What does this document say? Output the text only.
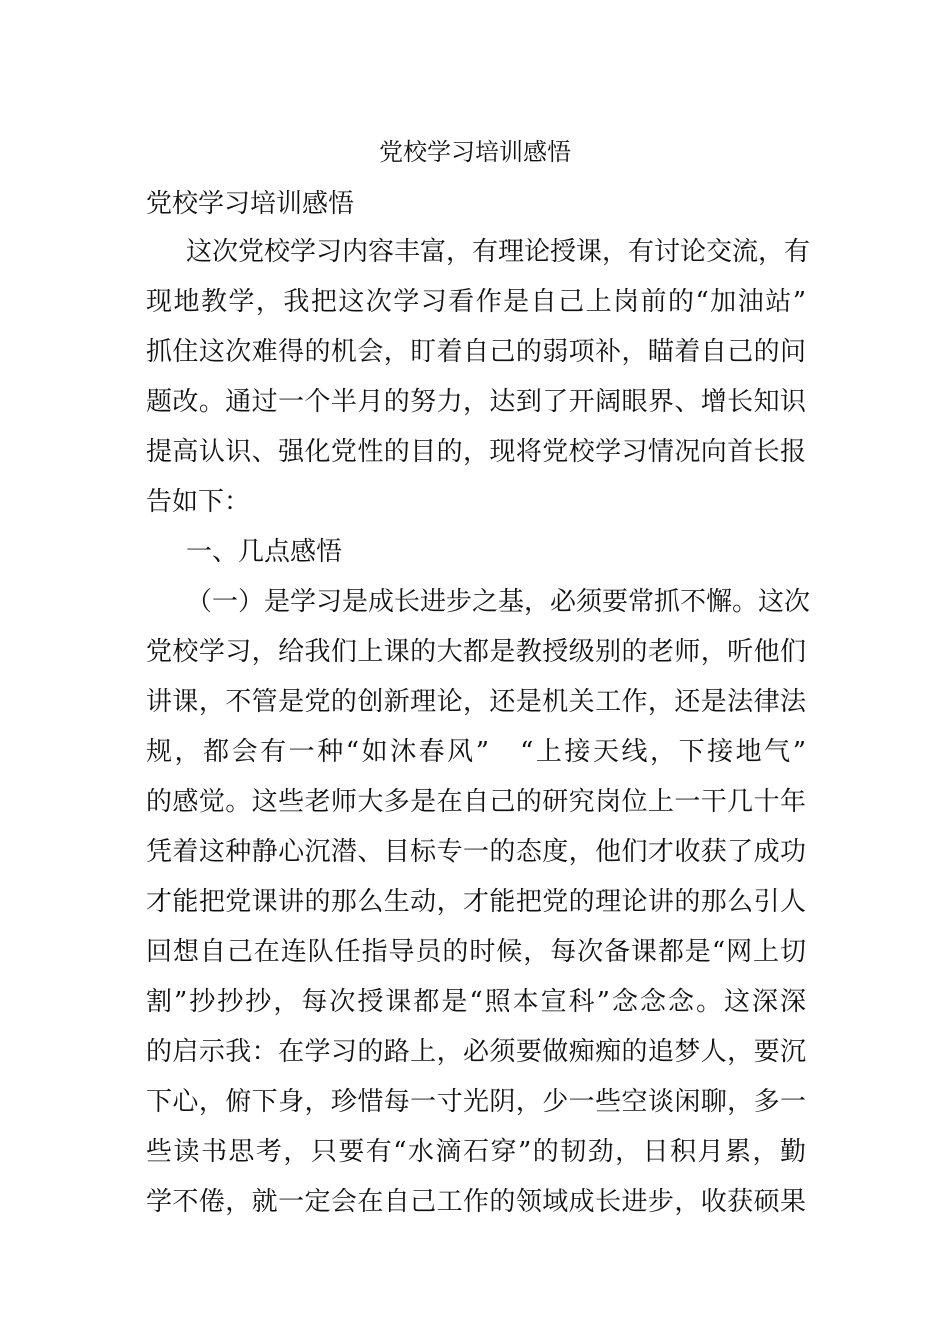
党校学习培训感悟
党校学习培训感悟
这次党校学习内容丰富，有理论授课，有讨论交流，有
现地教学，我把这次学习看作是自己上岗前的“加油站”
抓住这次难得的机会，盯着自己的弱项补，瞄着自己的问
题改。通过一个半月的努力，达到了开阔眼界、增长知识
提高认识、强化党性的目的，现将党校学习情况向首长报
告如下：
一、几点感悟
（一）是学习是成长进步之基，必须要常抓不懈。这次
党校学习，给我们上课的大都是教授级别的老师，听他们
讲课，不管是党的创新理论，还是机关工作，还是法律法
规，都会有一种“如沐春风”　“上接天线，下接地气”
的感觉。这些老师大多是在自己的研究岗位上一干几十年
凭着这种静心沉潜、目标专一的态度，他们才收获了成功
才能把党课讲的那么生动，才能把党的理论讲的那么引人
回想自己在连队任指导员的时候，每次备课都是“网上切
割”抄抄抄，每次授课都是“照本宣科”念念念。这深深
的启示我：在学习的路上，必须要做痴痴的追梦人，要沉
下心，俯下身，珍惜每一寸光阴，少一些空谈闲聊，多一
些读书思考，只要有“水滴石穿”的韧劲，日积月累，勤
学不倦，就一定会在自己工作的领域成长进步，收获硕果
